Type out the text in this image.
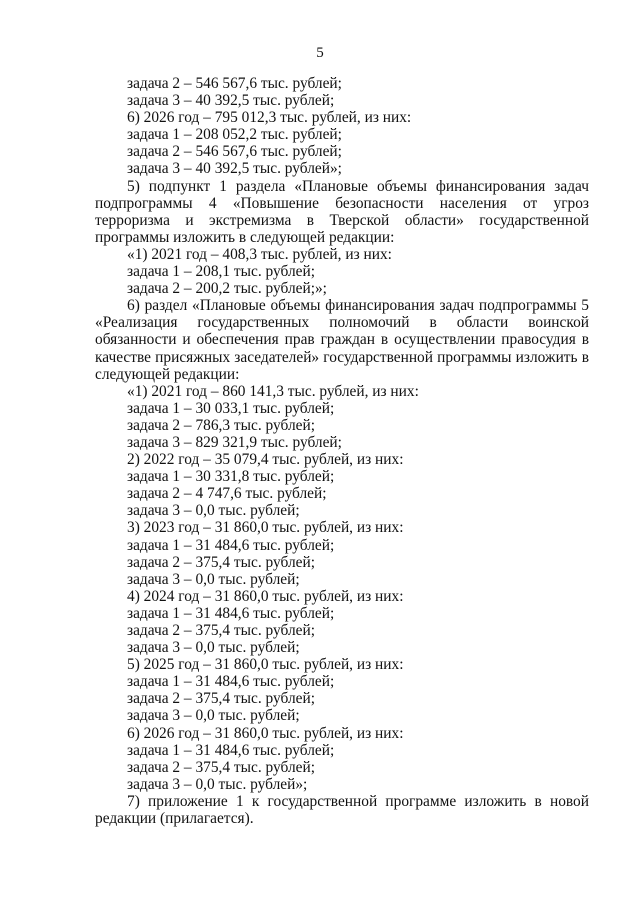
5
задача 2 – 546 567,6 тыс. рублей;
задача 3 – 40 392,5 тыс. рублей;
6) 2026 год – 795 012,3 тыс. рублей, из них:
задача 1 – 208 052,2 тыс. рублей;
задача 2 – 546 567,6 тыс. рублей;
задача 3 – 40 392,5 тыс. рублей»;

5) подпункт 1 раздела «Плановые объемы финансирования задач подпрограммы 4 «Повышение безопасности населения от угроз терроризма и экстремизма в Тверской области» государственной программы изложить в следующей редакции:

«1) 2021 год – 408,3 тыс. рублей, из них:
задача 1 – 208,1 тыс. рублей;
задача 2 – 200,2 тыс. рублей;»;

6) раздел «Плановые объемы финансирования задач подпрограммы 5 «Реализация государственных полномочий в области воинской обязанности и обеспечения прав граждан в осуществлении правосудия в качестве присяжных заседателей» государственной программы изложить в следующей редакции:

«1) 2021 год – 860 141,3 тыс. рублей, из них:
задача 1 – 30 033,1 тыс. рублей;
задача 2 – 786,3 тыс. рублей;
задача 3 – 829 321,9 тыс. рублей;
2) 2022 год – 35 079,4 тыс. рублей, из них:
задача 1 – 30 331,8 тыс. рублей;
задача 2 – 4 747,6 тыс. рублей;
задача 3 – 0,0 тыс. рублей;
3) 2023 год – 31 860,0 тыс. рублей, из них:
задача 1 – 31 484,6 тыс. рублей;
задача 2 – 375,4 тыс. рублей;
задача 3 – 0,0 тыс. рублей;
4) 2024 год – 31 860,0 тыс. рублей, из них:
задача 1 – 31 484,6 тыс. рублей;
задача 2 – 375,4 тыс. рублей;
задача 3 – 0,0 тыс. рублей;
5) 2025 год – 31 860,0 тыс. рублей, из них:
задача 1 – 31 484,6 тыс. рублей;
задача 2 – 375,4 тыс. рублей;
задача 3 – 0,0 тыс. рублей;
6) 2026 год – 31 860,0 тыс. рублей, из них:
задача 1 – 31 484,6 тыс. рублей;
задача 2 – 375,4 тыс. рублей;
задача 3 – 0,0 тыс. рублей»;

7) приложение 1 к государственной программе изложить в новой редакции (прилагается).
